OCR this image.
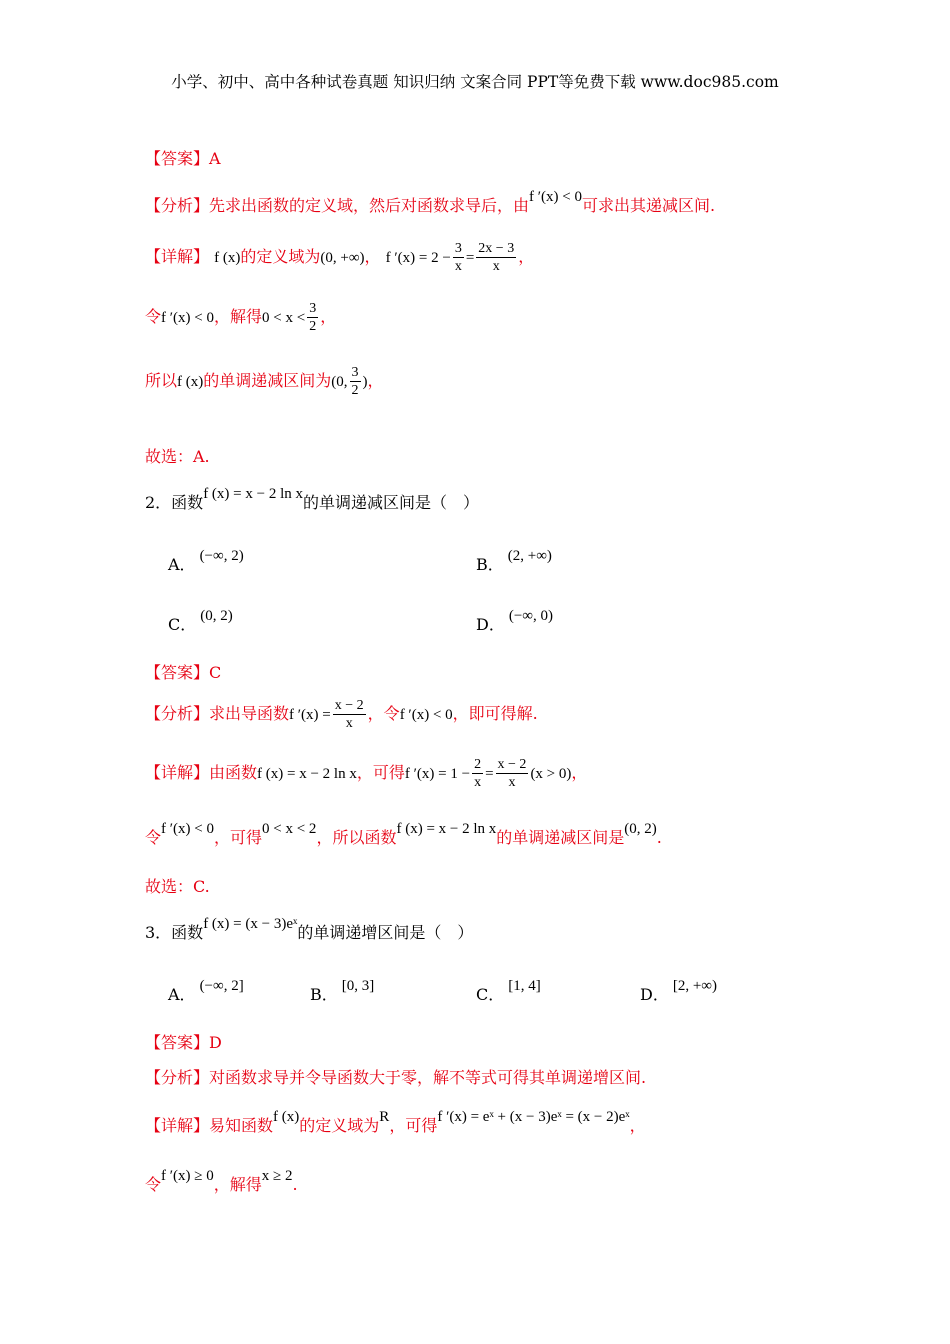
小学、初中、高中各种试卷真题 知识归纳 文案合同 PPT等免费下载 www.doc985.com
【答案】A
【分析】先求出函数的定义域，然后对函数求导后，由f ′(x) < 0可求出其递减区间.
【详解】 f (x)的定义域为(0, +∞)， f $'(x) = 2 - \frac{3}{x} = \frac{2x - 3}{x}$ ，
令f ′(x) < 0，解得$0 < x < \frac{3}{2}$ ，
所以f (x)的单调递减区间为(0, $\frac{3}{2}$ )，
故选：A.
2．函数f (x) = x − 2 ln x的单调递减区间是（　）
A． (−∞, 2)	B． (2, +∞)
C． (0, 2)	D． (−∞, 0)
【答案】C
【分析】求出导函数f $'(x) = \frac{x - 2}{x}$ ，令f ′(x) < 0，即可得解.
【详解】由函数f (x) = x − 2 ln x，可得f $'(x) = 1 - \frac{2}{x} = \frac{x - 2}{x} (x > 0)$，
令f ′(x) < 0，可得0 < x < 2，所以函数f (x) = x − 2 ln x的单调递减区间是(0, 2).
故选：C.
3．函数f (x) = (x − 3)eˣ的单调递增区间是（　）
A． (−∞, 2]	B． [0, 3]	C． [1, 4]	D． [2, +∞)
【答案】D
【分析】对函数求导并令导函数大于零，解不等式可得其单调递增区间.
【详解】易知函数f (x)的定义域为R，可得f ′(x) = eˣ + (x − 3)eˣ = (x − 2)eˣ，
令f ′(x) ≥ 0，解得x ≥ 2.
